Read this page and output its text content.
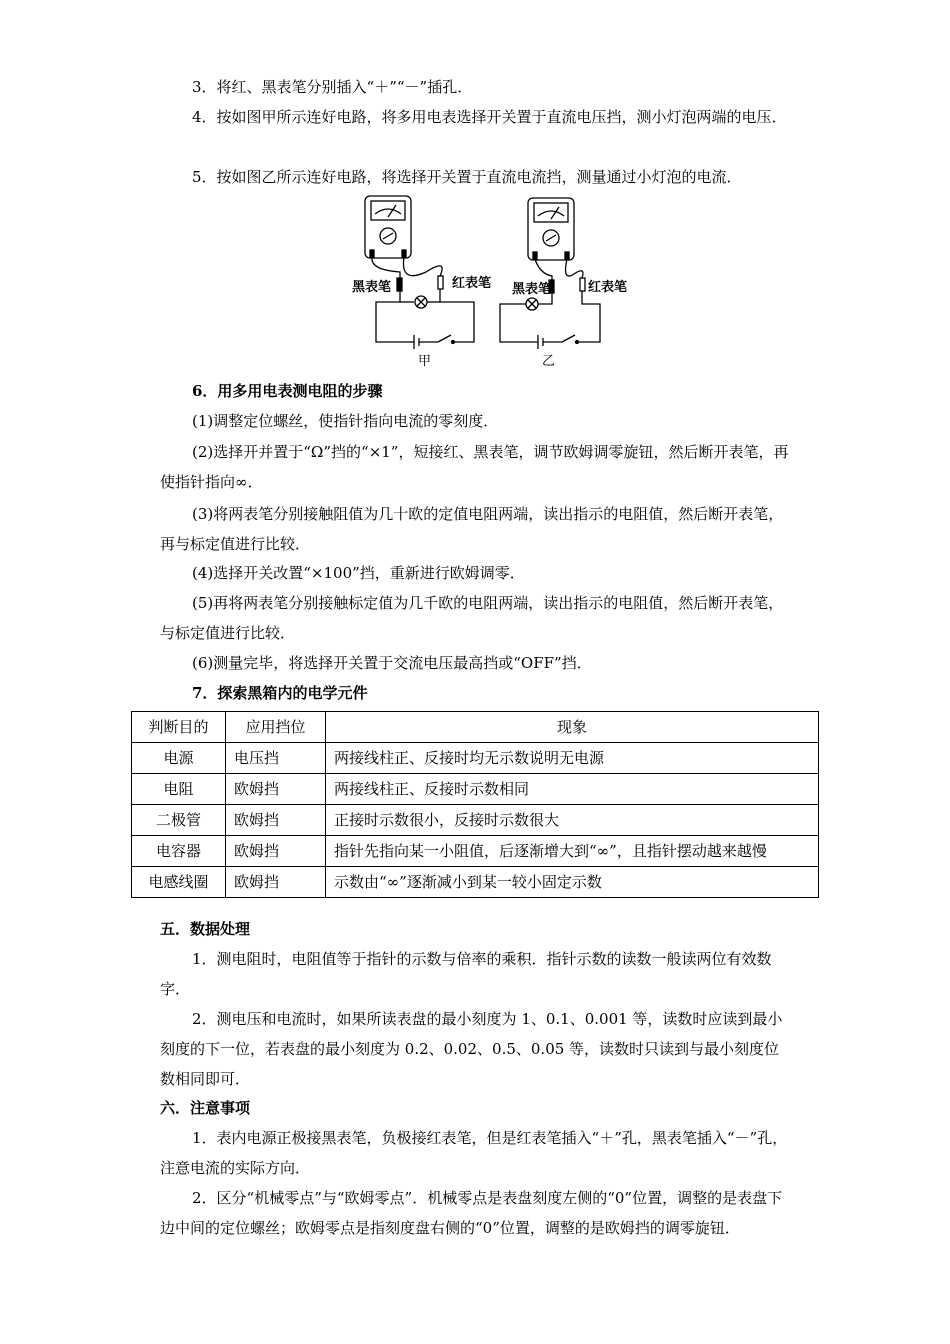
3．将红、黑表笔分别插入“＋”“－”插孔．

4．按如图甲所示连好电路，将多用电表选择开关置于直流电压挡，测小灯泡两端的电压．

5．按如图乙所示连好电路，将选择开关置于直流电流挡，测量通过小灯泡的电流．

黑表笔	红表笔
甲
黑表笔	红表笔
乙

6．用多用电表测电阻的步骤

(1)调整定位螺丝，使指针指向电流的零刻度．

(2)选择开并置于“Ω”挡的“×1”，短接红、黑表笔，调节欧姆调零旋钮，然后断开表笔，再使指针指向∞．

(3)将两表笔分别接触阻值为几十欧的定值电阻两端，读出指示的电阻值，然后断开表笔，再与标定值进行比较．

(4)选择开关改置“×100”挡，重新进行欧姆调零．

(5)再将两表笔分别接触标定值为几千欧的电阻两端，读出指示的电阻值，然后断开表笔，与标定值进行比较．

(6)测量完毕，将选择开关置于交流电压最高挡或“OFF”挡．

7．探索黑箱内的电学元件

判断目的	应用挡位	现象
电源	电压挡	两接线柱正、反接时均无示数说明无电源
电阻	欧姆挡	两接线柱正、反接时示数相同
二极管	欧姆挡	正接时示数很小，反接时示数很大
电容器	欧姆挡	指针先指向某一小阻值，后逐渐增大到“∞”，且指针摆动越来越慢
电感线圈	欧姆挡	示数由“∞”逐渐减小到某一较小固定示数

五．数据处理

1．测电阻时，电阻值等于指针的示数与倍率的乘积．指针示数的读数一般读两位有效数字．

2．测电压和电流时，如果所读表盘的最小刻度为 1、0.1、0.001 等，读数时应读到最小刻度的下一位，若表盘的最小刻度为 0.2、0.02、0.5、0.05 等，读数时只读到与最小刻度位数相同即可．

六．注意事项

1．表内电源正极接黑表笔，负极接红表笔，但是红表笔插入“＋”孔，黑表笔插入“－”孔，注意电流的实际方向．

2．区分“机械零点”与“欧姆零点”．机械零点是表盘刻度左侧的“0”位置，调整的是表盘下边中间的定位螺丝；欧姆零点是指刻度盘右侧的“0”位置，调整的是欧姆挡的调零旋钮．
